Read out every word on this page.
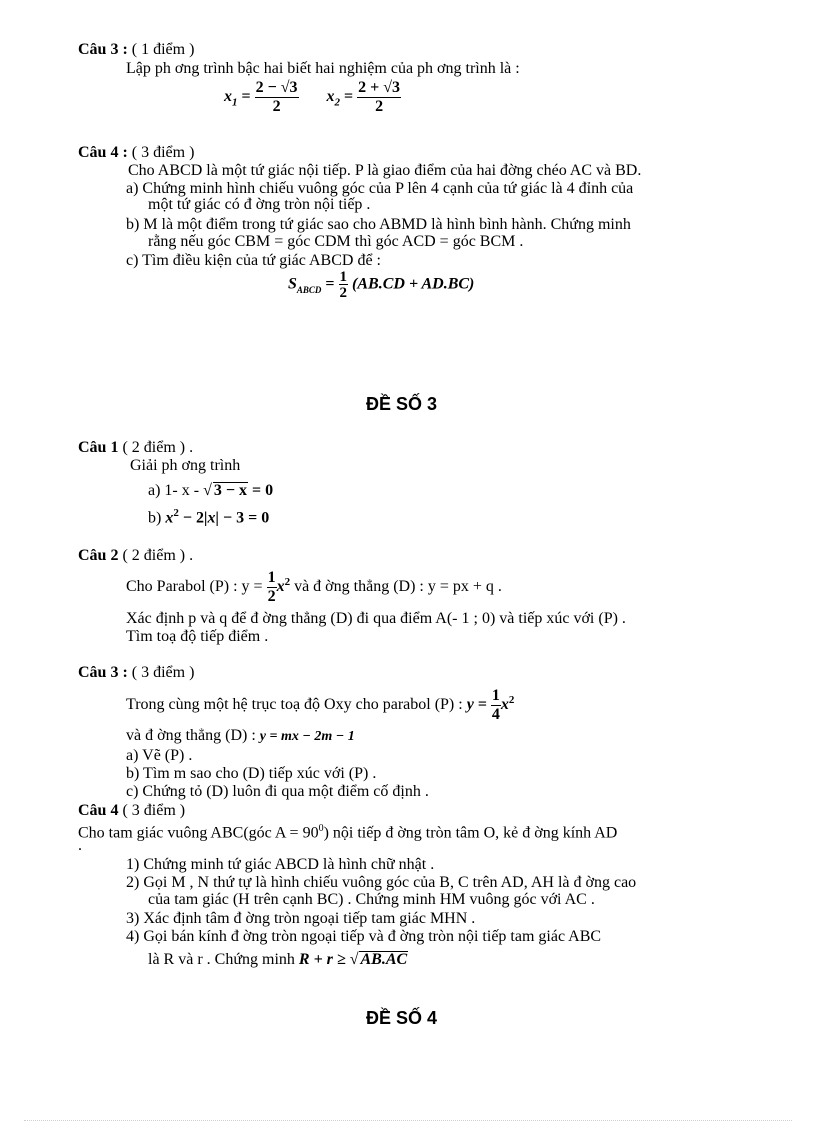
Câu 3 : ( 1 điểm )
Lập ph ơng trình bậc hai biết hai nghiệm của ph ơng trình là :
$x_1 = \frac{2 - √3}{2} x_2 = \frac{2 + √3}{2}$
Câu 4 : ( 3 điểm )
Cho ABCD là một tứ giác nội tiếp. P là giao điểm của hai đờng chéo AC và BD.
a) Chứng minh hình chiếu vuông góc của P lên 4 cạnh của tứ giác là 4 đỉnh của
một tứ giác có đ ờng tròn nội tiếp .
b) M là một điểm trong tứ giác sao cho ABMD là hình bình hành. Chứng minh
rằng nếu góc CBM = góc CDM thì góc ACD = góc BCM .
c) Tìm điều kiện của tứ giác ABCD để :
$S_{ABCD} = \frac{1}{2} (AB.CD + AD.BC)$
ĐỀ SỐ 3
Câu 1 ( 2 điểm ) .
Giải ph ơng trình
a) 1- x - √ 3 − x = 0
b) $x^2 - 2|x| - 3 = 0$
Câu 2 ( 2 điểm ) .
Cho Parabol (P) : $y = \frac{1}{2} x^2$ và đ ờng thẳng (D) : y = px + q .
Xác định p và q để đ ờng thẳng (D) đi qua điểm A(- 1 ; 0) và tiếp xúc với (P) .
Tìm toạ độ tiếp điểm .
Câu 3 : ( 3 điểm )
Trong cùng một hệ trục toạ độ Oxy cho parabol (P) : $y = \frac{1}{4} x^2$
và đ ờng thẳng (D) : y = mx − 2m − 1
a) Vẽ (P) .
b) Tìm m sao cho (D) tiếp xúc với (P) .
c) Chứng tỏ (D) luôn đi qua một điểm cố định .
Câu 4 ( 3 điểm )
Cho tam giác vuông ABC(góc $A = 90^0$) nội tiếp đ ờng tròn tâm O, kẻ đ ờng kính AD
.
1) Chứng minh tứ giác ABCD là hình chữ nhật .
2) Gọi M , N thứ tự là hình chiếu vuông góc của B, C trên AD, AH là đ ờng cao
của tam giác (H trên cạnh BC) . Chứng minh HM vuông góc với AC .
3) Xác định tâm đ ờng tròn ngoại tiếp tam giác MHN .
4) Gọi bán kính đ ờng tròn ngoại tiếp và đ ờng tròn nội tiếp tam giác ABC
là R và r . Chứng minh R + r ≥ √ AB.AC
ĐỀ SỐ 4
